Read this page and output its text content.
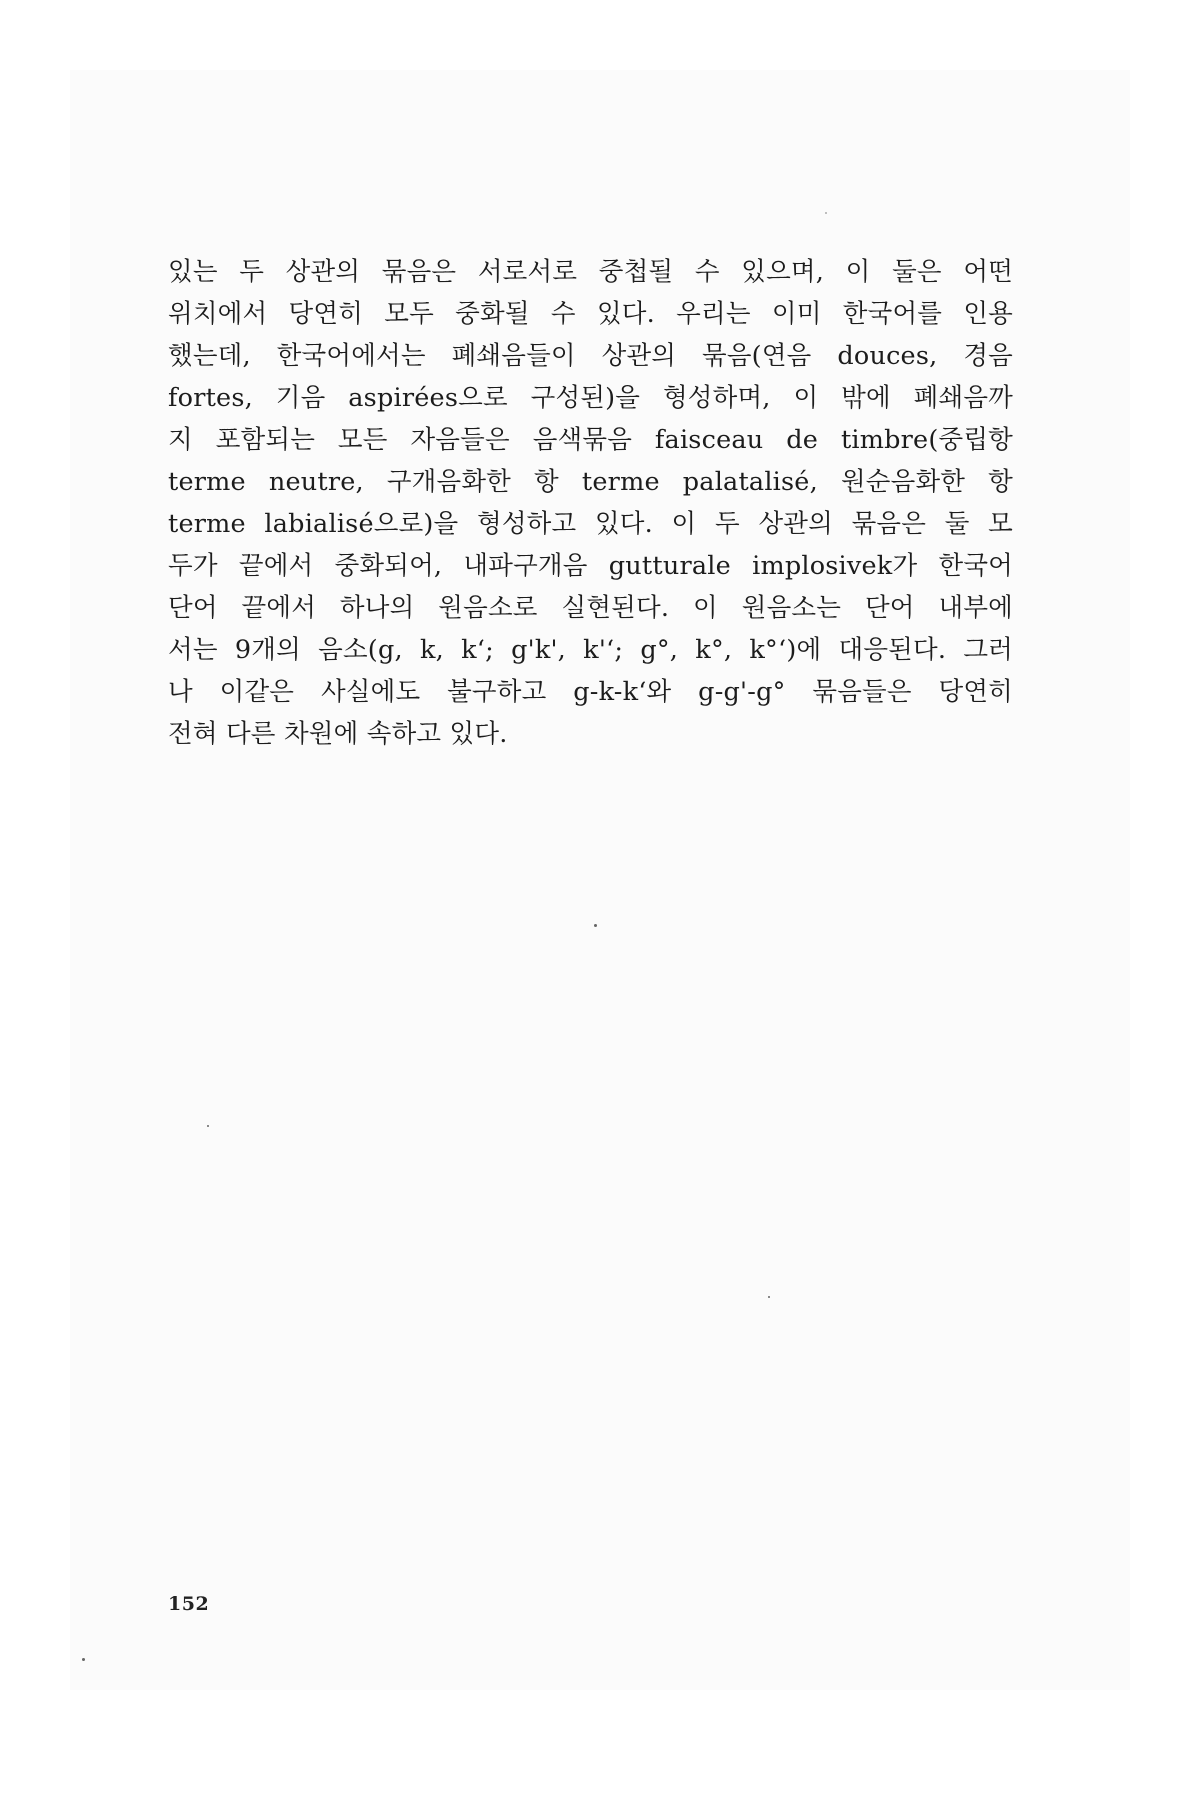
있는 두 상관의 묶음은 서로서로 중첩될 수 있으며, 이 둘은 어떤
위치에서 당연히 모두 중화될 수 있다. 우리는 이미 한국어를 인용
했는데, 한국어에서는 폐쇄음들이 상관의 묶음(연음 douces, 경음
fortes, 기음 aspirées으로 구성된)을 형성하며, 이 밖에 폐쇄음까
지 포함되는 모든 자음들은 음색묶음 faisceau de timbre(중립항
terme neutre, 구개음화한 항 terme palatalisé, 원순음화한 항
terme labialisé으로)을 형성하고 있다. 이 두 상관의 묶음은 둘 모
두가 끝에서 중화되어, 내파구개음 gutturale implosivek가 한국어
단어 끝에서 하나의 원음소로 실현된다. 이 원음소는 단어 내부에
서는 9개의 음소(g, k, k‘; g'k', k'‘; g°, k°, k°‘)에 대응된다. 그러
나 이같은 사실에도 불구하고 g-k-k‘와 g-g'-g° 묶음들은 당연히
전혀 다른 차원에 속하고 있다.
152
